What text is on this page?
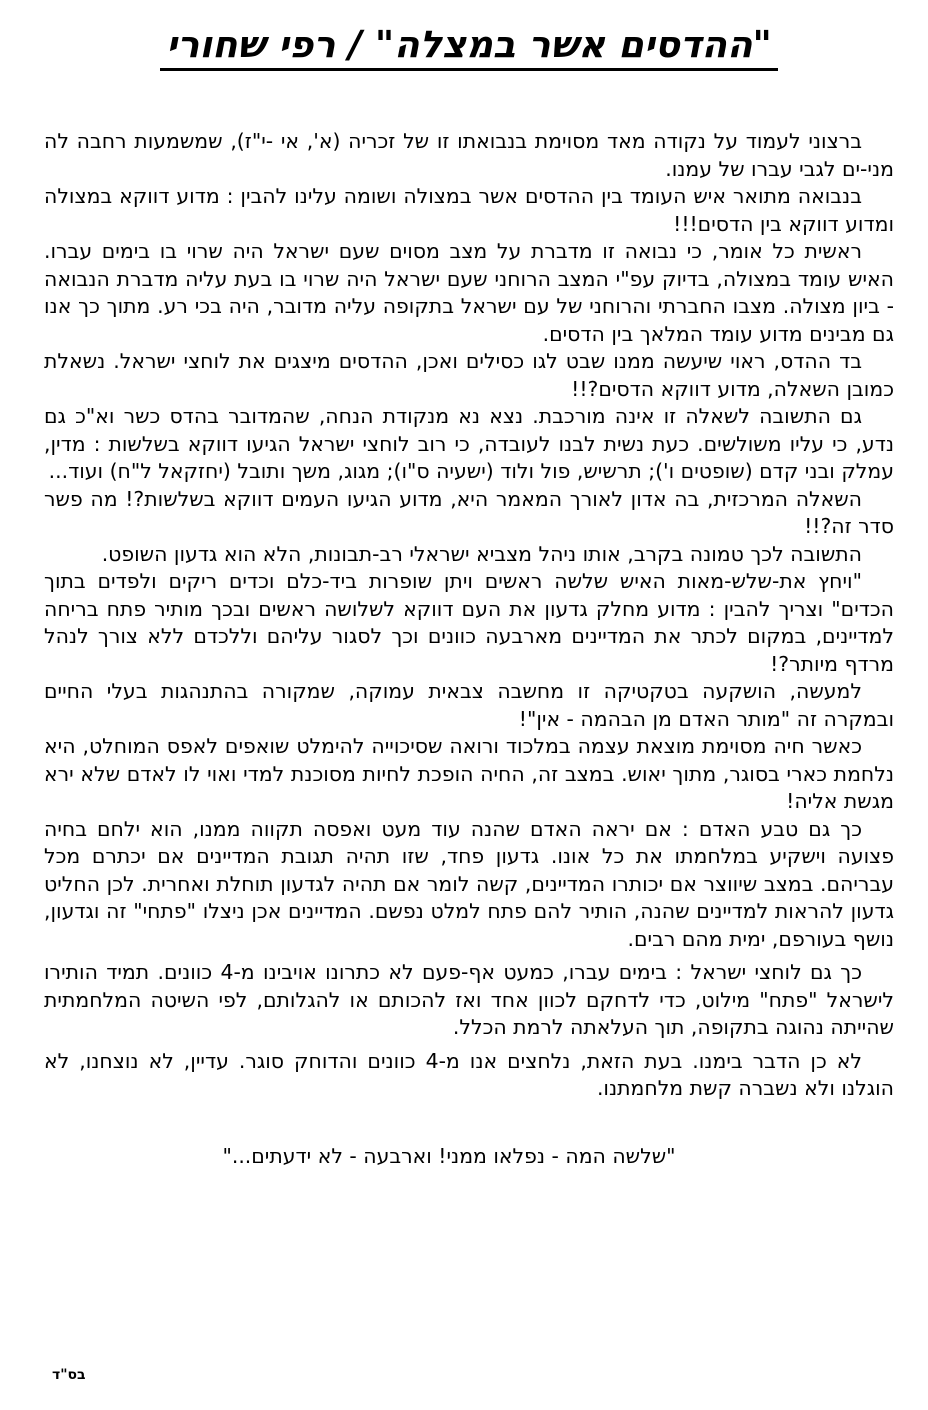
"ההדסים אשר במצלה" / רפי שחורי

ברצוני לעמוד על נקודה מאד מסוימת בנבואתו זו של זכריה (א', אי -י"ז), שמשמעות רחבה לה מני-ים לגבי עברו של עמנו.

בנבואה מתואר איש העומד בין ההדסים אשר במצולה ושומה עלינו להבין : מדוע דווקא במצולה ומדוע דווקא בין הדסים!!!

ראשית כל אומר, כי נבואה זו מדברת על מצב מסוים שעם ישראל היה שרוי בו בימים עברו. האיש עומד במצולה, בדיוק עפ"י המצב הרוחני שעם ישראל היה שרוי בו בעת עליה מדברת הנבואה - ביון מצולה. מצבו החברתי והרוחני של עם ישראל בתקופה עליה מדובר, היה בכי רע. מתוך כך אנו גם מבינים מדוע עומד המלאך בין הדסים.

בד ההדס, ראוי שיעשה ממנו שבט לגו כסילים ואכן, ההדסים מיצגים את לוחצי ישראל. נשאלת כמובן השאלה, מדוע דווקא הדסים?!!

גם התשובה לשאלה זו אינה מורכבת. נצא נא מנקודת הנחה, שהמדובר בהדס כשר וא"כ גם נדע, כי עליו משולשים. כעת נשית לבנו לעובדה, כי רוב לוחצי ישראל הגיעו דווקא בשלשות : מדין, עמלק ובני קדם (שופטים ו'); תרשיש, פול ולוד (ישעיה ס"ו); מגוג, משך ותובל (יחזקאל ל"ח) ועוד...

השאלה המרכזית, בה אדון לאורך המאמר היא, מדוע הגיעו העמים דווקא בשלשות?! מה פשר סדר זה?!!

התשובה לכך טמונה בקרב, אותו ניהל מצביא ישראלי רב-תבונות, הלא הוא גדעון השופט.

"ויחץ את-שלש-מאות האיש שלשה ראשים ויתן שופרות ביד-כלם וכדים ריקים ולפדים בתוך הכדים" וצריך להבין : מדוע מחלק גדעון את העם דווקא לשלושה ראשים ובכך מותיר פתח בריחה למדיינים, במקום לכתר את המדיינים מארבעה כוונים וכך לסגור עליהם וללכדם ללא צורך לנהל מרדף מיותר?!

למעשה, הושקעה בטקטיקה זו מחשבה צבאית עמוקה, שמקורה בהתנהגות בעלי החיים ובמקרה זה "מותר האדם מן הבהמה - אין"!

כאשר חיה מסוימת מוצאת עצמה במלכוד ורואה שסיכוייה להימלט שואפים לאפס המוחלט, היא נלחמת כארי בסוגר, מתוך יאוש. במצב זה, החיה הופכת לחיות מסוכנת למדי ואוי לו לאדם שלא ירא מגשת אליה!

כך גם טבע האדם : אם יראה האדם שהנה עוד מעט ואפסה תקווה ממנו, הוא ילחם בחיה פצועה וישקיע במלחמתו את כל אונו. גדעון פחד, שזו תהיה תגובת המדיינים אם יכתרם מכל עבריהם. במצב שיווצר אם יכותרו המדיינים, קשה לומר אם תהיה לגדעון תוחלת ואחרית. לכן החליט גדעון להראות למדיינים שהנה, הותיר להם פתח למלט נפשם. המדיינים אכן ניצלו "פתחי" זה וגדעון, נושף בעורפם, ימית מהם רבים.

כך גם לוחצי ישראל : בימים עברו, כמעט אף-פעם לא כתרונו אויבינו מ-4 כוונים. תמיד הותירו לישראל "פתח" מילוט, כדי לדחקם לכוון אחד ואז להכותם או להגלותם, לפי השיטה המלחמתית שהייתה נהוגה בתקופה, תוך העלאתה לרמת הכלל.

לא כן הדבר בימנו. בעת הזאת, נלחצים אנו מ-4 כוונים והדוחק סוגר. עדיין, לא נוצחנו, לא הוגלנו ולא נשברה קשת מלחמתנו.

"שלשה המה - נפלאו ממני! וארבעה - לא ידעתים..."

בס"ד
